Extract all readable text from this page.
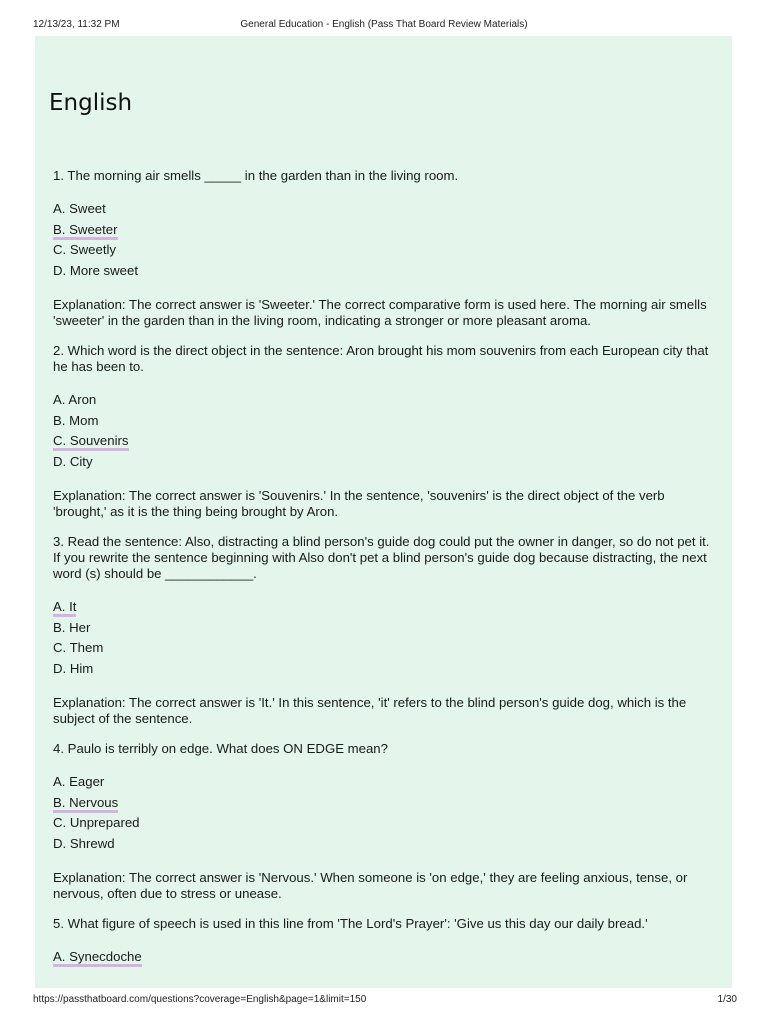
12/13/23, 11:32 PM	General Education - English (Pass That Board Review Materials)
English

1. The morning air smells _____ in the garden than in the living room.

A. Sweet
B. Sweeter
C. Sweetly
D. More sweet

Explanation: The correct answer is 'Sweeter.' The correct comparative form is used here. The morning air smells 'sweeter' in the garden than in the living room, indicating a stronger or more pleasant aroma.

2. Which word is the direct object in the sentence: Aron brought his mom souvenirs from each European city that he has been to.

A. Aron
B. Mom
C. Souvenirs
D. City

Explanation: The correct answer is 'Souvenirs.' In the sentence, 'souvenirs' is the direct object of the verb 'brought,' as it is the thing being brought by Aron.

3. Read the sentence: Also, distracting a blind person's guide dog could put the owner in danger, so do not pet it. If you rewrite the sentence beginning with Also don't pet a blind person's guide dog because distracting, the next word (s) should be ____________.

A. It
B. Her
C. Them
D. Him

Explanation: The correct answer is 'It.' In this sentence, 'it' refers to the blind person's guide dog, which is the subject of the sentence.

4. Paulo is terribly on edge. What does ON EDGE mean?

A. Eager
B. Nervous
C. Unprepared
D. Shrewd

Explanation: The correct answer is 'Nervous.' When someone is 'on edge,' they are feeling anxious, tense, or nervous, often due to stress or unease.

5. What figure of speech is used in this line from 'The Lord's Prayer': 'Give us this day our daily bread.'

A. Synecdoche
https://passthatboard.com/questions?coverage=English&page=1&limit=150	1/30
